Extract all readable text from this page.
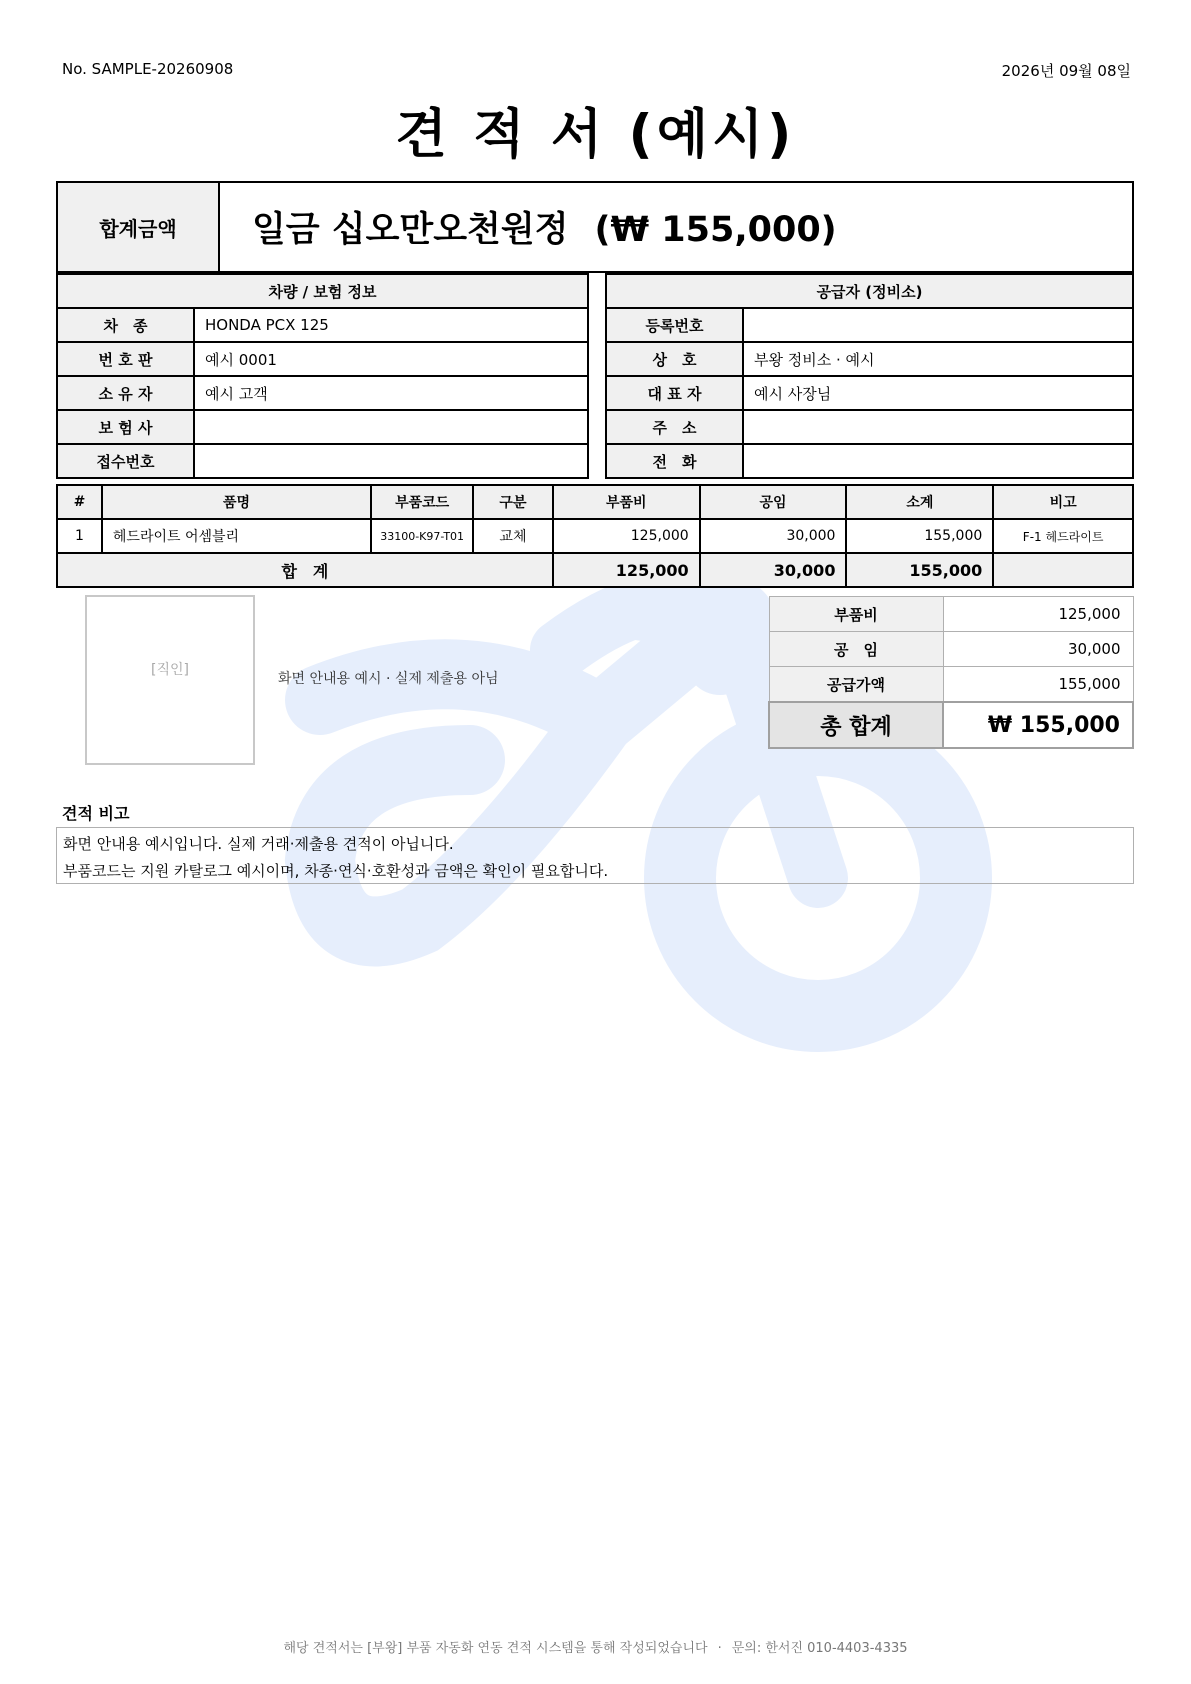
No. SAMPLE-20260908	2026년 09월 08일
견 적 서 (예시)
합계금액	일금 십오만오천원정 (₩ 155,000)
차량 / 보험 정보	
차　종	HONDA PCX 125
번 호 판	예시 0001
소 유 자	예시 고객
보 험 사	
접수번호	
공급자 (정비소)	
등록번호	
상　호	부왕 정비소 · 예시
대 표 자	예시 사장님
주　소	
전　화	
#	품명	부품코드	구분	부품비	공임	소계	비고
1	헤드라이트 어셈블리	33100-K97-T01	교체	125,000	30,000	155,000	F-1 헤드라이트
합　계				125,000	30,000	155,000	
[직인]
화면 안내용 예시 · 실제 제출용 아님
부품비	125,000
공　임	30,000
공급가액	155,000
총 합계	₩ 155,000
견적 비고
화면 안내용 예시입니다. 실제 거래·제출용 견적이 아닙니다.
부품코드는 지원 카탈로그 예시이며, 차종·연식·호환성과 금액은 확인이 필요합니다.
해당 견적서는 [부왕] 부품 자동화 연동 견적 시스템을 통해 작성되었습니다 · 문의: 한서진 010-4403-4335
